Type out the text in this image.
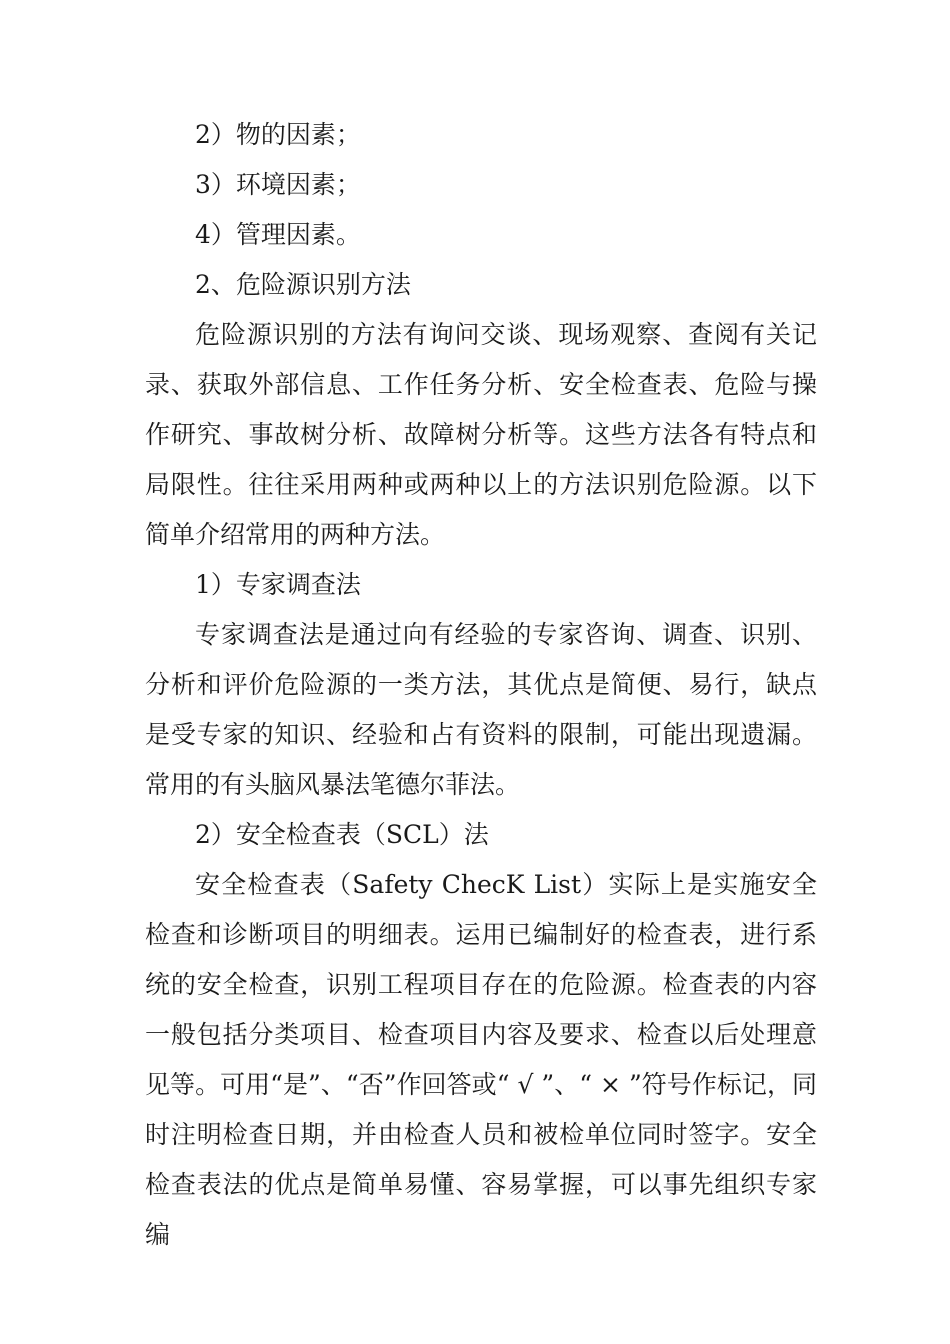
2）物的因素；

3）环境因素；

4）管理因素。

2、危险源识别方法

危险源识别的方法有询问交谈、现场观察、查阅有关记录、获取外部信息、工作任务分析、安全检查表、危险与操作研究、事故树分析、故障树分析等。这些方法各有特点和局限性。往往采用两种或两种以上的方法识别危险源。以下简单介绍常用的两种方法。

1）专家调查法

专家调查法是通过向有经验的专家咨询、调查、识别、分析和评价危险源的一类方法，其优点是简便、易行，缺点是受专家的知识、经验和占有资料的限制，可能出现遗漏。常用的有头脑风暴法笔德尔菲法。

2）安全检查表（SCL）法

安全检查表（Safety ChecK List）实际上是实施安全检查和诊断项目的明细表。运用已编制好的检查表，进行系统的安全检查，识别工程项目存在的危险源。检查表的内容一般包括分类项目、检查项目内容及要求、检查以后处理意见等。可用“是”、“否”作回答或“ √ ”、“ × ”符号作标记，同时注明检查日期，并由检查人员和被检单位同时签字。安全检查表法的优点是简单易懂、容易掌握，可以事先组织专家编
